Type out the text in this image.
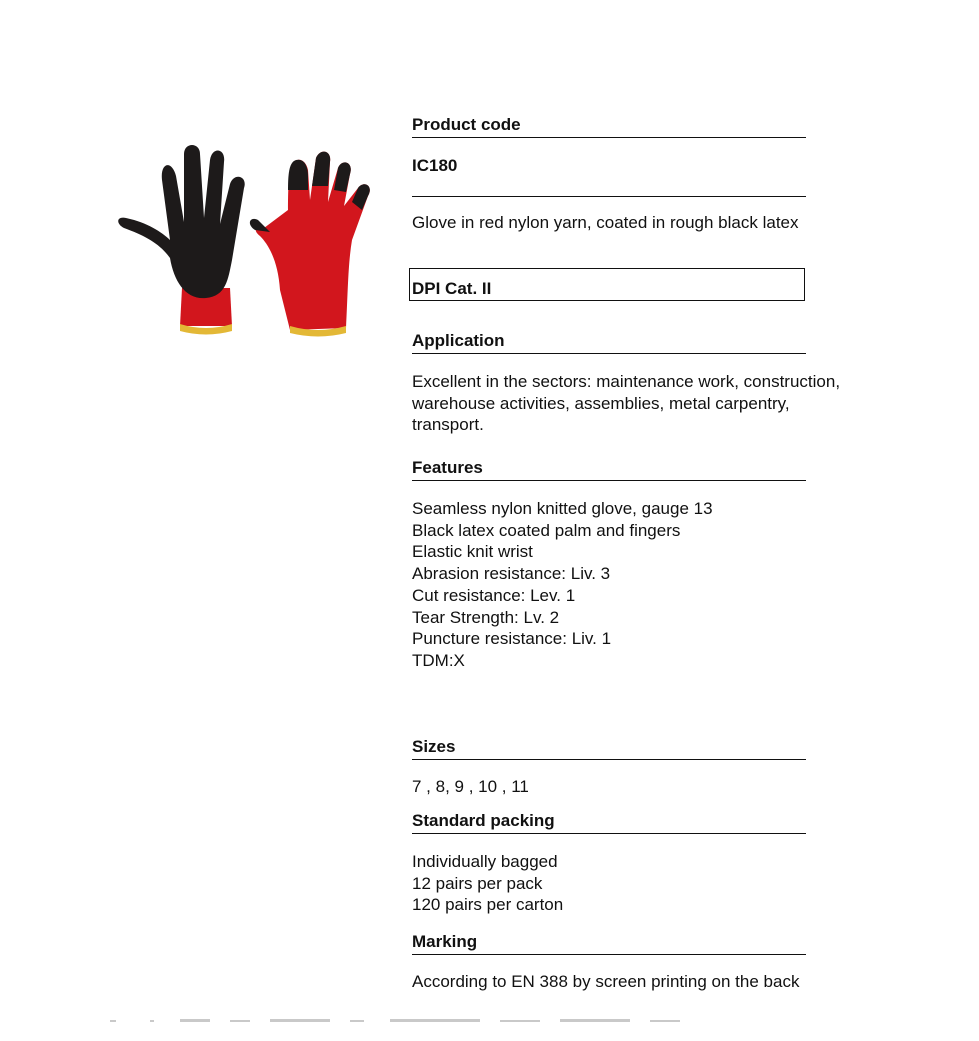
Product code
IC180
Glove in red nylon yarn, coated in rough black latex
DPI Cat. II
Application
Excellent in the sectors: maintenance work, construction,
warehouse activities, assemblies, metal carpentry,
transport.
Features
Seamless nylon knitted glove, gauge 13
Black latex coated palm and fingers
Elastic knit wrist
Abrasion resistance: Liv. 3
Cut resistance: Lev. 1
Tear Strength: Lv. 2
Puncture resistance: Liv. 1
TDM:X
Sizes
7 , 8, 9 , 10 , 11
Standard packing
Individually bagged
12 pairs per pack
120 pairs per carton
Marking
According to EN 388 by screen printing on the back
